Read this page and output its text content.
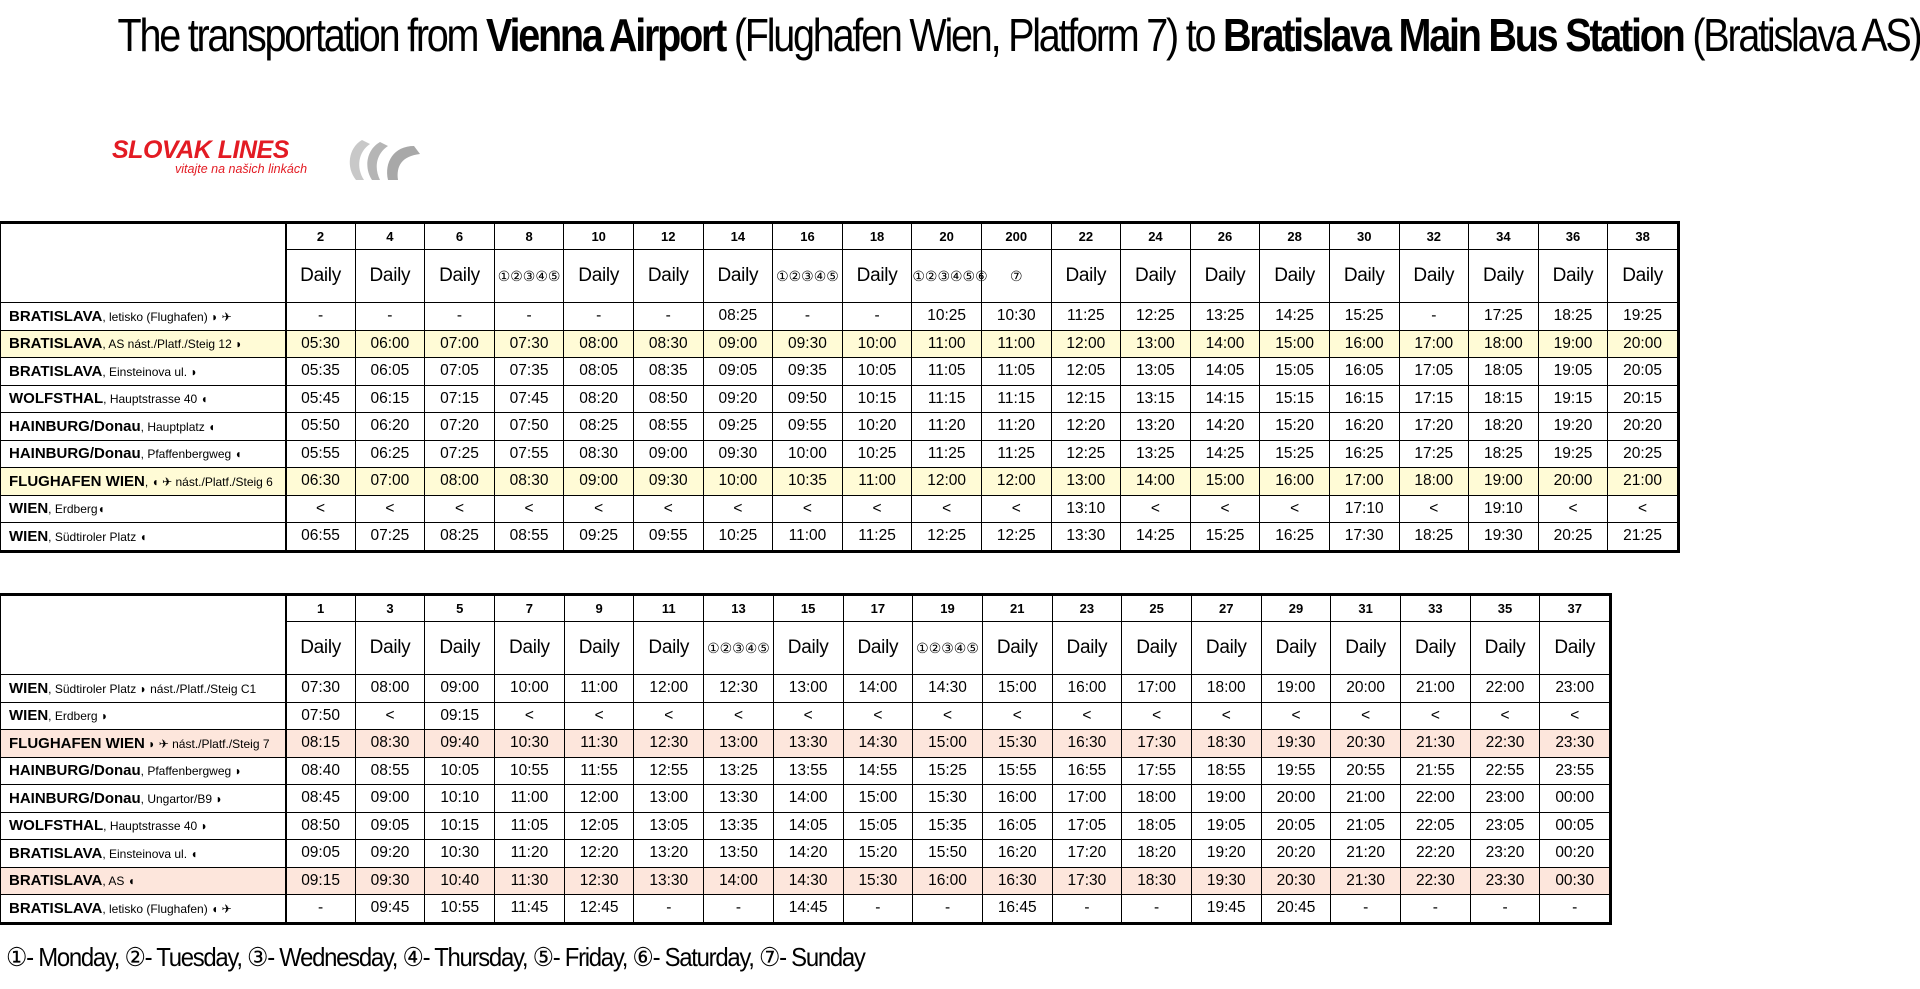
The transportation from Vienna Airport (Flughafen Wien, Platform 7) to Bratislava Main Bus Station (Bratislava AS)
SLOVAK LINES
vitajte na našich linkách
	2	4	6	8	10	12	14	16	18	20	200	22	24	26	28	30	32	34	36	38
	Daily	Daily	Daily	①②③④⑤	Daily	Daily	Daily	①②③④⑤	Daily	①②③④⑤⑥	⑦	Daily	Daily	Daily	Daily	Daily	Daily	Daily	Daily	Daily
BRATISLAVA, letisko (Flughafen) ◗ ✈	-	-	-	-	-	-	08:25	-	-	10:25	10:30	11:25	12:25	13:25	14:25	15:25	-	17:25	18:25	19:25
BRATISLAVA, AS nást./Platf./Steig 12 ◗	05:30	06:00	07:00	07:30	08:00	08:30	09:00	09:30	10:00	11:00	11:00	12:00	13:00	14:00	15:00	16:00	17:00	18:00	19:00	20:00
BRATISLAVA, Einsteinova ul. ◗	05:35	06:05	07:05	07:35	08:05	08:35	09:05	09:35	10:05	11:05	11:05	12:05	13:05	14:05	15:05	16:05	17:05	18:05	19:05	20:05
WOLFSTHAL, Hauptstrasse 40 ◖	05:45	06:15	07:15	07:45	08:20	08:50	09:20	09:50	10:15	11:15	11:15	12:15	13:15	14:15	15:15	16:15	17:15	18:15	19:15	20:15
HAINBURG/Donau, Hauptplatz ◖	05:50	06:20	07:20	07:50	08:25	08:55	09:25	09:55	10:20	11:20	11:20	12:20	13:20	14:20	15:20	16:20	17:20	18:20	19:20	20:20
HAINBURG/Donau, Pfaffenbergweg ◖	05:55	06:25	07:25	07:55	08:30	09:00	09:30	10:00	10:25	11:25	11:25	12:25	13:25	14:25	15:25	16:25	17:25	18:25	19:25	20:25
FLUGHAFEN WIEN, ◖ ✈ nást./Platf./Steig 6	06:30	07:00	08:00	08:30	09:00	09:30	10:00	10:35	11:00	12:00	12:00	13:00	14:00	15:00	16:00	17:00	18:00	19:00	20:00	21:00
WIEN, Erdberg◖	<	<	<	<	<	<	<	<	<	<	<	13:10	<	<	<	17:10	<	19:10	<	<
WIEN, Südtiroler Platz ◖	06:55	07:25	08:25	08:55	09:25	09:55	10:25	11:00	11:25	12:25	12:25	13:30	14:25	15:25	16:25	17:30	18:25	19:30	20:25	21:25
	1	3	5	7	9	11	13	15	17	19	21	23	25	27	29	31	33	35	37
	Daily	Daily	Daily	Daily	Daily	Daily	①②③④⑤	Daily	Daily	①②③④⑤	Daily	Daily	Daily	Daily	Daily	Daily	Daily	Daily	Daily
WIEN, Südtiroler Platz ◗ nást./Platf./Steig C1	07:30	08:00	09:00	10:00	11:00	12:00	12:30	13:00	14:00	14:30	15:00	16:00	17:00	18:00	19:00	20:00	21:00	22:00	23:00
WIEN, Erdberg ◗	07:50	<	09:15	<	<	<	<	<	<	<	<	<	<	<	<	<	<	<	<
FLUGHAFEN WIEN ◗ ✈ nást./Platf./Steig 7	08:15	08:30	09:40	10:30	11:30	12:30	13:00	13:30	14:30	15:00	15:30	16:30	17:30	18:30	19:30	20:30	21:30	22:30	23:30
HAINBURG/Donau, Pfaffenbergweg ◗	08:40	08:55	10:05	10:55	11:55	12:55	13:25	13:55	14:55	15:25	15:55	16:55	17:55	18:55	19:55	20:55	21:55	22:55	23:55
HAINBURG/Donau, Ungartor/B9 ◗	08:45	09:00	10:10	11:00	12:00	13:00	13:30	14:00	15:00	15:30	16:00	17:00	18:00	19:00	20:00	21:00	22:00	23:00	00:00
WOLFSTHAL, Hauptstrasse 40 ◗	08:50	09:05	10:15	11:05	12:05	13:05	13:35	14:05	15:05	15:35	16:05	17:05	18:05	19:05	20:05	21:05	22:05	23:05	00:05
BRATISLAVA, Einsteinova ul. ◖	09:05	09:20	10:30	11:20	12:20	13:20	13:50	14:20	15:20	15:50	16:20	17:20	18:20	19:20	20:20	21:20	22:20	23:20	00:20
BRATISLAVA, AS ◖	09:15	09:30	10:40	11:30	12:30	13:30	14:00	14:30	15:30	16:00	16:30	17:30	18:30	19:30	20:30	21:30	22:30	23:30	00:30
BRATISLAVA, letisko (Flughafen) ◖ ✈	-	09:45	10:55	11:45	12:45	-	-	14:45	-	-	16:45	-	-	19:45	20:45	-	-	-	-
①- Monday, ②- Tuesday, ③- Wednesday, ④- Thursday, ⑤- Friday, ⑥- Saturday, ⑦- Sunday
